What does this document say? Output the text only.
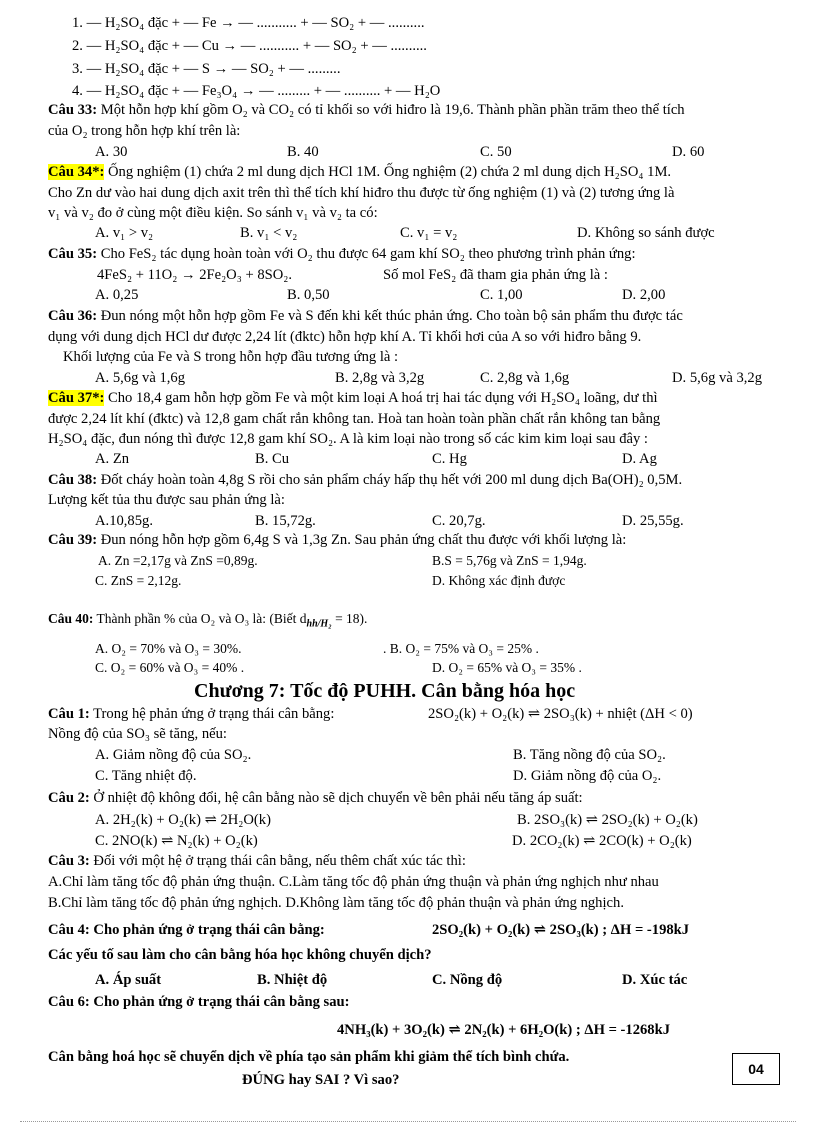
1. — H₂SO₄ đặc + — Fe → — ........... + — SO₂ + — ..........
2. — H₂SO₄ đặc + — Cu → — ........... + — SO₂ + — ..........
3. — H₂SO₄ đặc + — S → — SO₂ + — .........
4. — H₂SO₄ đặc + — Fe₃O₄ → — ......... + — .......... + — H₂O
Câu 33: Một hỗn hợp khí gồm O₂ và CO₂ có tỉ khối so với hiđro là 19,6. Thành phần phần trăm theo thể tích
của O₂ trong hỗn hợp khí trên là:
A. 30	B. 40	C. 50	D. 60
Câu 34*: Ống nghiệm (1) chứa 2 ml dung dịch HCl 1M. Ống nghiệm (2) chứa 2 ml dung dịch H₂SO₄ 1M.
Cho Zn dư vào hai dung dịch axit trên thì thể tích khí hiđro thu được từ ống nghiệm (1) và (2) tương ứng là
v₁ và v₂ đo ở cùng một điều kiện. So sánh v₁ và v₂ ta có:
A. v₁ > v₂	B. v₁ < v₂	C. v₁ = v₂	D. Không so sánh được
Câu 35: Cho FeS₂ tác dụng hoàn toàn với O₂ thu được 64 gam khí SO₂ theo phương trình phản ứng:
4FeS₂ + 11O₂ → 2Fe₂O₃ + 8SO₂.	Số mol FeS₂ đã tham gia phản ứng là :
A. 0,25	B. 0,50	C. 1,00	D. 2,00
Câu 36: Đun nóng một hỗn hợp gồm Fe và S đến khi kết thúc phản ứng. Cho toàn bộ sản phẩm thu được tác
dụng với dung dịch HCl dư được 2,24 lít (đktc) hỗn hợp khí A. Tỉ khối hơi của A so với hiđro bằng 9.
Khối lượng của Fe và S trong hỗn hợp đầu tương ứng là :
A. 5,6g và 1,6g	B. 2,8g và 3,2g	C. 2,8g và 1,6g	D. 5,6g và 3,2g
Câu 37*: Cho 18,4 gam hỗn hợp gồm Fe và một kim loại A hoá trị hai tác dụng với H₂SO₄ loãng, dư thì
được 2,24 lít khí (đktc) và 12,8 gam chất rắn không tan. Hoà tan hoàn toàn phần chất rắn không tan bằng
H₂SO₄ đặc, đun nóng thì được 12,8 gam khí SO₂. A là kim loại nào trong số các kim kim loại sau đây :
A. Zn	B. Cu	C. Hg	D. Ag
Câu 38: Đốt cháy hoàn toàn 4,8g S rồi cho sản phẩm cháy hấp thụ hết với 200 ml dung dịch Ba(OH)₂ 0,5M.
Lượng kết tủa thu được sau phản ứng là:
A.10,85g.	B. 15,72g.	C. 20,7g.	D. 25,55g.
Câu 39: Đun nóng hỗn hợp gồm 6,4g S và 1,3g Zn. Sau phản ứng chất thu được với khối lượng là:
A. Zn =2,17g và ZnS =0,89g.	B.S = 5,76g và ZnS = 1,94g.
C. ZnS = 2,12g.	D. Không xác định được
Câu 40: Thành phần % của O₂ và O₃ là: (Biết $d_{hh/H_2} = 18$).
A. O₂ = 70% và O₃ = 30%.	. B. O₂ = 75% và O₃ = 25% .
C. O₂ = 60% và O₃ = 40% .	D. O₂ = 65% và O₃ = 35% .
Chương 7: Tốc độ PUHH. Cân bằng hóa học
Câu 1: Trong hệ phản ứng ở trạng thái cân bằng:	2SO₂(k) + O₂(k) ⇌ 2SO₃(k) + nhiệt (ΔH < 0)
Nồng độ của SO₃ sẽ tăng, nếu:
A. Giảm nồng độ của SO₂.	B. Tăng nồng độ của SO₂.
C. Tăng nhiệt độ.	D. Giảm nồng độ của O₂.
Câu 2: Ở nhiệt độ không đổi, hệ cân bằng nào sẽ dịch chuyển về bên phải nếu tăng áp suất:
A. 2H₂(k) + O₂(k) ⇌ 2H₂O(k)	B. 2SO₃(k) ⇌ 2SO₂(k) + O₂(k)
C. 2NO(k) ⇌ N₂(k) + O₂(k)	D. 2CO₂(k) ⇌ 2CO(k) + O₂(k)
Câu 3: Đối với một hệ ở trạng thái cân bằng, nếu thêm chất xúc tác thì:
A.Chỉ làm tăng tốc độ phản ứng thuận. C.Làm tăng tốc độ phản ứng thuận và phản ứng nghịch như nhau
B.Chỉ làm tăng tốc độ phản ứng nghịch. D.Không làm tăng tốc độ phản thuận và phản ứng nghịch.
Câu 4: Cho phản ứng ở trạng thái cân bằng:	2SO₂(k) + O₂(k) ⇌ 2SO₃(k) ; ΔH = -198kJ
Các yếu tố sau làm cho cân bằng hóa học không chuyển dịch?
A. Áp suất	B. Nhiệt độ	C. Nồng độ	D. Xúc tác
Câu 6: Cho phản ứng ở trạng thái cân bằng sau:
4NH₃(k) + 3O₂(k) ⇌ 2N₂(k) + 6H₂O(k) ; ΔH = -1268kJ
Cân bằng hoá học sẽ chuyển dịch về phía tạo sản phẩm khi giảm thể tích bình chứa.
ĐÚNG hay SAI ? Vì sao?
04
